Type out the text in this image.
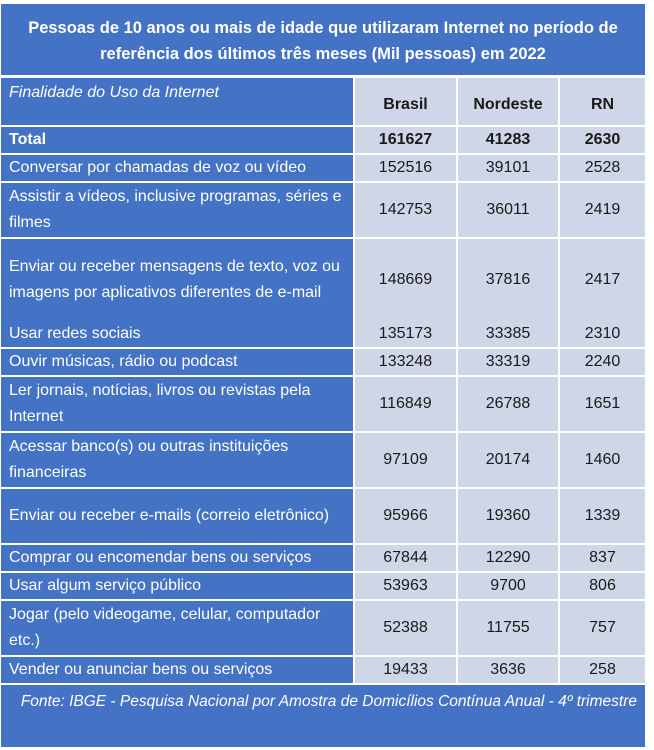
Pessoas de 10 anos ou mais de idade que utilizaram Internet no período de
referência dos últimos três meses (Mil pessoas) em 2022
Finalidade do Uso da Internet	Brasil	Nordeste	RN
Total	161627	41283	2630
Conversar por chamadas de voz ou vídeo	152516	39101	2528
Assistir a vídeos, inclusive programas, séries e filmes	142753	36011	2419
Enviar ou receber mensagens de texto, voz ou imagens por aplicativos diferentes de e-mail	148669	37816	2417
Usar redes sociais	135173	33385	2310
Ouvir músicas, rádio ou podcast	133248	33319	2240
Ler jornais, notícias, livros ou revistas pela Internet	116849	26788	1651
Acessar banco(s) ou outras instituições financeiras	97109	20174	1460
Enviar ou receber e-mails (correio eletrônico)	95966	19360	1339
Comprar ou encomendar bens ou serviços	67844	12290	837
Usar algum serviço público	53963	9700	806
Jogar (pelo videogame, celular, computador etc.)	52388	11755	757
Vender ou anunciar bens ou serviços	19433	3636	258
Fonte: IBGE - Pesquisa Nacional por Amostra de Domicílios Contínua Anual - 4º trimestre
